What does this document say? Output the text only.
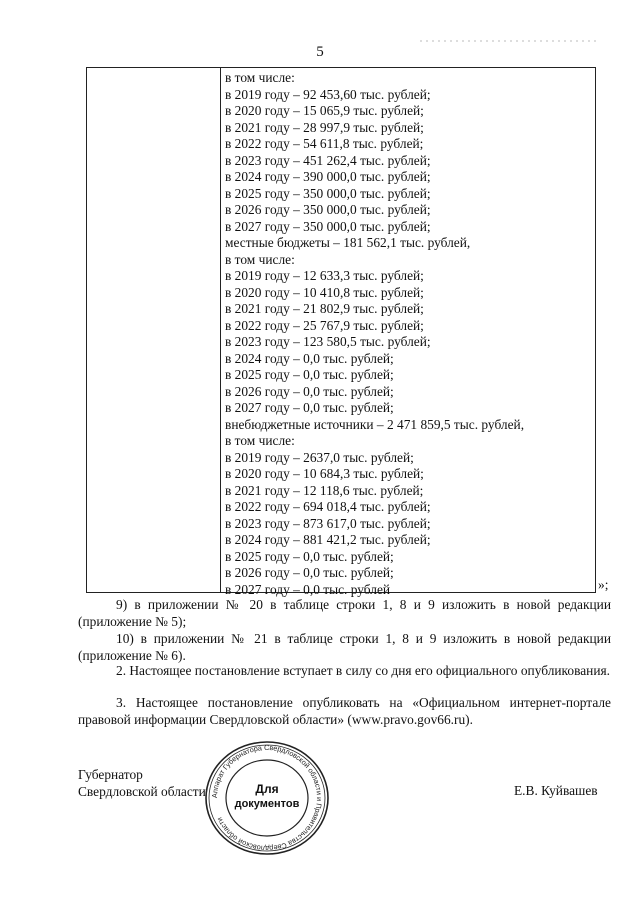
5
в том числе:
в 2019 году – 92 453,60 тыс. рублей;
в 2020 году – 15 065,9 тыс. рублей;
в 2021 году – 28 997,9 тыс. рублей;
в 2022 году – 54 611,8 тыс. рублей;
в 2023 году – 451 262,4 тыс. рублей;
в 2024 году – 390 000,0 тыс. рублей;
в 2025 году – 350 000,0 тыс. рублей;
в 2026 году – 350 000,0 тыс. рублей;
в 2027 году – 350 000,0 тыс. рублей;
местные бюджеты – 181 562,1 тыс. рублей,
в том числе:
в 2019 году – 12 633,3 тыс. рублей;
в 2020 году – 10 410,8 тыс. рублей;
в 2021 году – 21 802,9 тыс. рублей;
в 2022 году – 25 767,9 тыс. рублей;
в 2023 году – 123 580,5 тыс. рублей;
в 2024 году – 0,0 тыс. рублей;
в 2025 году – 0,0 тыс. рублей;
в 2026 году – 0,0 тыс. рублей;
в 2027 году – 0,0 тыс. рублей;
внебюджетные источники – 2 471 859,5 тыс. рублей,
в том числе:
в 2019 году – 2637,0 тыс. рублей;
в 2020 году – 10 684,3 тыс. рублей;
в 2021 году – 12 118,6 тыс. рублей;
в 2022 году – 694 018,4 тыс. рублей;
в 2023 году – 873 617,0 тыс. рублей;
в 2024 году – 881 421,2 тыс. рублей;
в 2025 году – 0,0 тыс. рублей;
в 2026 году – 0,0 тыс. рублей;
в 2027 году – 0,0 тыс. рублей	»;
9) в приложении № 20 в таблице строки 1, 8 и 9 изложить в новой редакции (приложение № 5);
10) в приложении № 21 в таблице строки 1, 8 и 9 изложить в новой редакции (приложение № 6).
2. Настоящее постановление вступает в силу со дня его официального опубликования.
3. Настоящее постановление опубликовать на «Официальном интернет-портале правовой информации Свердловской области» (www.pravo.gov66.ru).
Губернатор
Свердловской области	Е.В. Куйвашев
Аппарат Губернатора Свердловской области и Правительства Свердловской области
Для
документов
